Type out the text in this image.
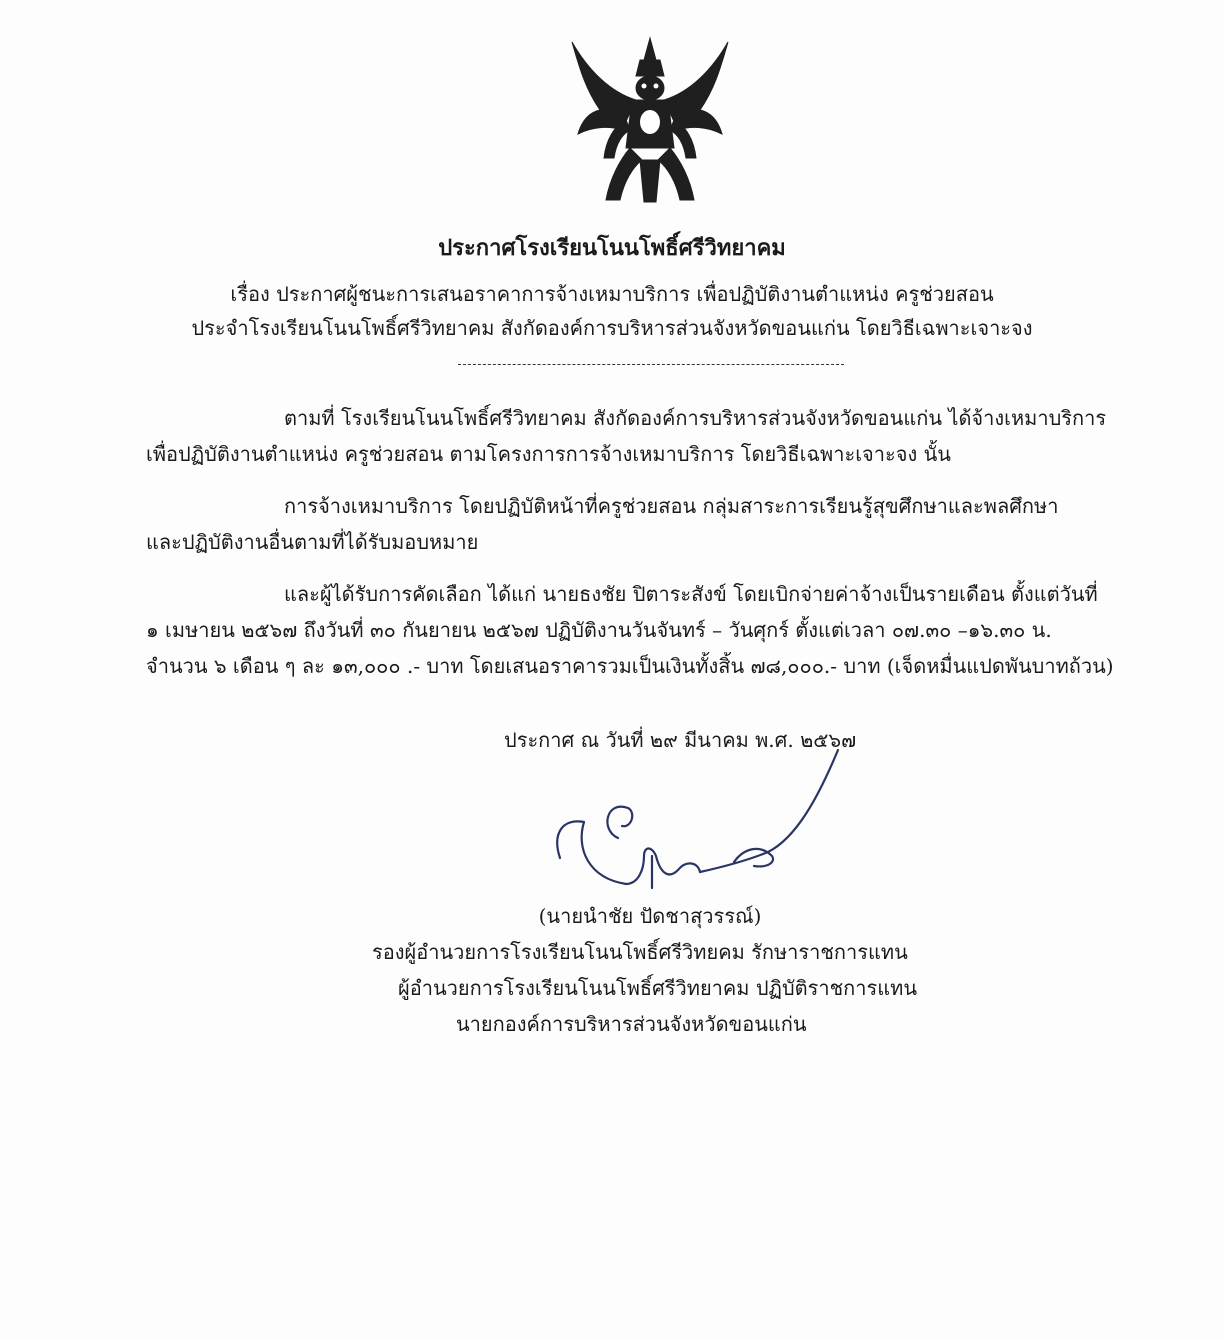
ประกาศโรงเรียนโนนโพธิ์ศรีวิทยาคม
เรื่อง ประกาศผู้ชนะการเสนอราคาการจ้างเหมาบริการ เพื่อปฏิบัติงานตำแหน่ง ครูช่วยสอน
ประจำโรงเรียนโนนโพธิ์ศรีวิทยาคม สังกัดองค์การบริหารส่วนจังหวัดขอนแก่น โดยวิธีเฉพาะเจาะจง
ตามที่ โรงเรียนโนนโพธิ์ศรีวิทยาคม สังกัดองค์การบริหารส่วนจังหวัดขอนแก่น ได้จ้างเหมาบริการ
เพื่อปฏิบัติงานตำแหน่ง ครูช่วยสอน ตามโครงการการจ้างเหมาบริการ โดยวิธีเฉพาะเจาะจง นั้น
การจ้างเหมาบริการ โดยปฏิบัติหน้าที่ครูช่วยสอน กลุ่มสาระการเรียนรู้สุขศึกษาและพลศึกษา
และปฏิบัติงานอื่นตามที่ได้รับมอบหมาย
และผู้ได้รับการคัดเลือก ได้แก่ นายธงชัย ปิตาระสังข์ โดยเบิกจ่ายค่าจ้างเป็นรายเดือน ตั้งแต่วันที่
๑ เมษายน ๒๕๖๗ ถึงวันที่ ๓๐ กันยายน ๒๕๖๗ ปฏิบัติงานวันจันทร์ – วันศุกร์ ตั้งแต่เวลา ๐๗.๓๐ –๑๖.๓๐ น.
จำนวน ๖ เดือน ๆ ละ ๑๓,๐๐๐ .- บาท โดยเสนอราคารวมเป็นเงินทั้งสิ้น ๗๘,๐๐๐.- บาท (เจ็ดหมื่นแปดพันบาทถ้วน)
ประกาศ ณ วันที่ ๒๙ มีนาคม พ.ศ. ๒๕๖๗
(นายนำชัย ปัดชาสุวรรณ์)
รองผู้อำนวยการโรงเรียนโนนโพธิ์ศรีวิทยคม รักษาราชการแทน
ผู้อำนวยการโรงเรียนโนนโพธิ์ศรีวิทยาคม ปฏิบัติราชการแทน
นายกองค์การบริหารส่วนจังหวัดขอนแก่น
